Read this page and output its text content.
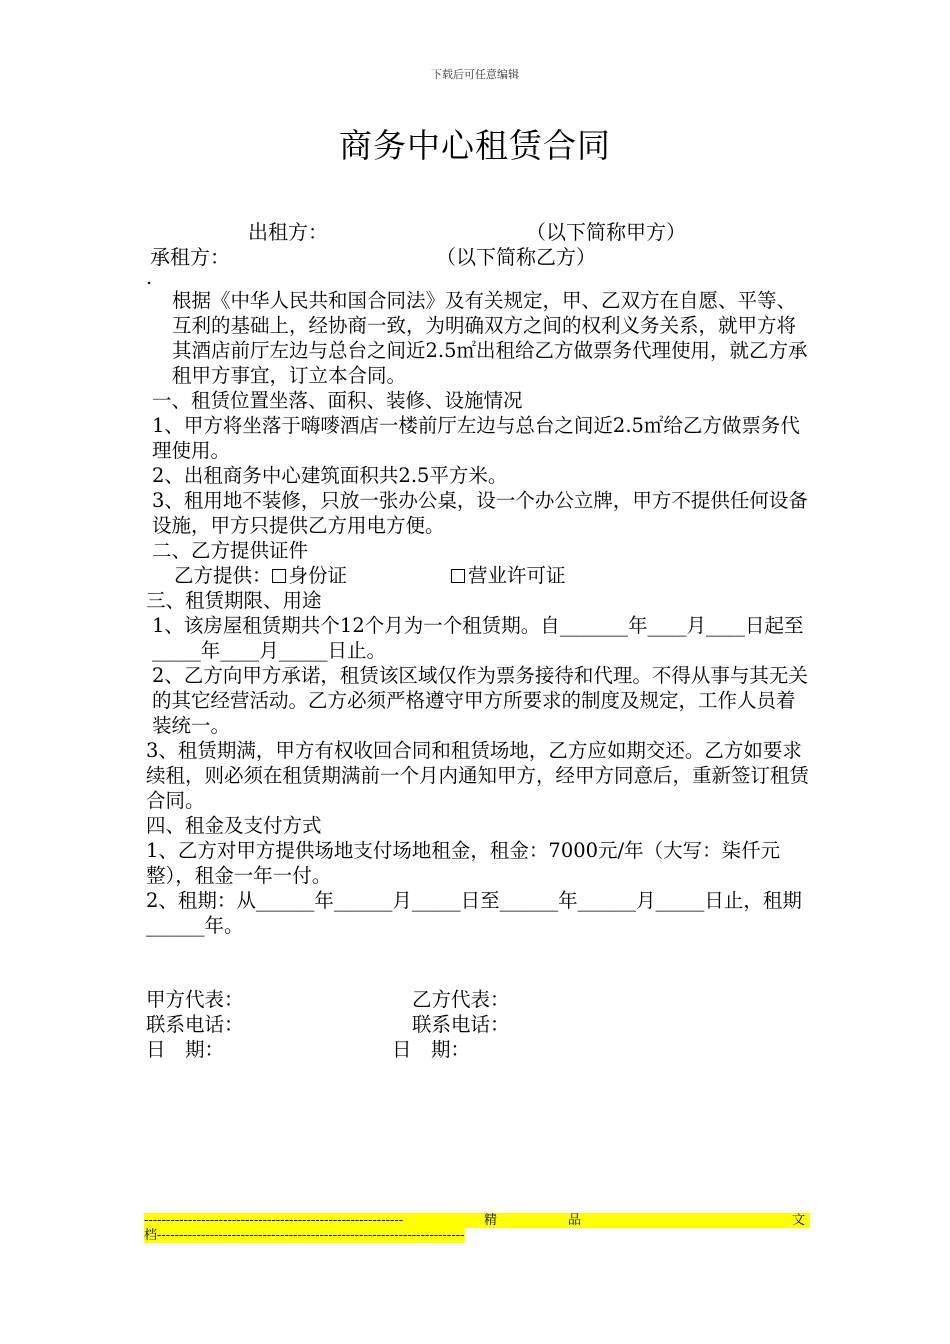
下载后可任意编辑
商务中心租赁合同
出租方：	（以下简称甲方）
承租方：	（以下简称乙方）

.

根据《中华人民共和国合同法》及有关规定，甲、乙双方在自愿、平等、互利的基础上，经协商一致，为明确双方之间的权利义务关系，就甲方将其酒店前厅左边与总台之间近2.5㎡出租给乙方做票务代理使用，就乙方承租甲方事宜，订立本合同。

一、租赁位置坐落、面积、装修、设施情况

1、甲方将坐落于嗨嘜酒店一楼前厅左边与总台之间近2.5㎡给乙方做票务代理使用。

2、出租商务中心建筑面积共2.5平方米。

3、租用地不装修，只放一张办公桌，设一个办公立牌，甲方不提供任何设备设施，甲方只提供乙方用电方便。

二、乙方提供证件

乙方提供： 身份证	营业许可证

三、租赁期限、用途

1、该房屋租赁期共个12个月为一个租赁期。自_______年____月____日起至_____年____月_____日止。

2、乙方向甲方承诺，租赁该区域仅作为票务接待和代理。不得从事与其无关的其它经营活动。乙方必须严格遵守甲方所要求的制度及规定，工作人员着装统一。

3、租赁期满，甲方有权收回合同和租赁场地，乙方应如期交还。乙方如要求续租，则必须在租赁期满前一个月内通知甲方，经甲方同意后，重新签订租赁合同。

四、租金及支付方式

1、乙方对甲方提供场地支付场地租金，租金：7000元/年（大写：柒仟元整），租金一年一付。

2、租期：从______年______月_____日至______年______月_____日止，租期______年。

甲方代表：	乙方代表：
联系电话：	联系电话：
日　期：	日　期：
-----------------------------------------------------------	精	品	文
档----------------------------------------------------------------------
